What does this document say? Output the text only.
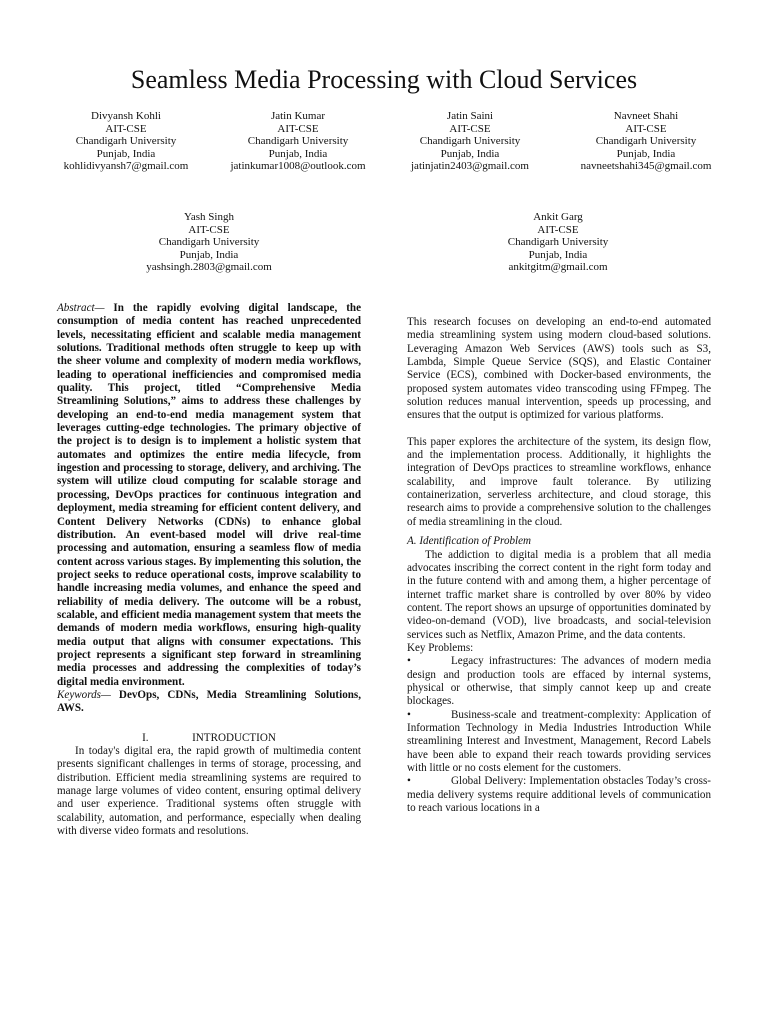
Seamless Media Processing with Cloud Services
Divyansh Kohli
AIT-CSE
Chandigarh University
Punjab, India
kohlidivyansh7@gmail.com
Jatin Kumar
AIT-CSE
Chandigarh University
Punjab, India
jatinkumar1008@outlook.com
Jatin Saini
AIT-CSE
Chandigarh University
Punjab, India
jatinjatin2403@gmail.com
Navneet Shahi
AIT-CSE
Chandigarh University
Punjab, India
navneetshahi345@gmail.com
Yash Singh
AIT-CSE
Chandigarh University
Punjab, India
yashsingh.2803@gmail.com
Ankit Garg
AIT-CSE
Chandigarh University
Punjab, India
ankitgitm@gmail.com

Abstract— In the rapidly evolving digital landscape, the consumption of media content has reached unprecedented levels, necessitating efficient and scalable media management solutions. Traditional methods often struggle to keep up with the sheer volume and complexity of modern media workflows, leading to operational inefficiencies and compromised media quality. This project, titled “Comprehensive Media Streamlining Solutions,” aims to address these challenges by developing an end-to-end media management system that leverages cutting-edge technologies. The primary objective of the project is to design is to implement a holistic system that automates and optimizes the entire media lifecycle, from ingestion and processing to storage, delivery, and archiving. The system will utilize cloud computing for scalable storage and processing, DevOps practices for continuous integration and deployment, media streaming for efficient content delivery, and Content Delivery Networks (CDNs) to enhance global distribution. An event-based model will drive real-time processing and automation, ensuring a seamless flow of media content across various stages. By implementing this solution, the project seeks to reduce operational costs, improve scalability to handle increasing media volumes, and enhance the speed and reliability of media delivery. The outcome will be a robust, scalable, and efficient media management system that meets the demands of modern media workflows, ensuring high-quality media output that aligns with consumer expectations. This project represents a significant step forward in streamlining media processes and addressing the complexities of today’s digital media environment.

Keywords— DevOps, CDNs, Media Streamlining Solutions, AWS.

I.	INTRODUCTION

In today's digital era, the rapid growth of multimedia content presents significant challenges in terms of storage, processing, and distribution. Efficient media streamlining systems are required to manage large volumes of video content, ensuring optimal delivery and user experience. Traditional systems often struggle with scalability, automation, and performance, especially when dealing with diverse video formats and resolutions.

This research focuses on developing an end-to-end automated media streamlining system using modern cloud-based solutions. Leveraging Amazon Web Services (AWS) tools such as S3, Lambda, Simple Queue Service (SQS), and Elastic Container Service (ECS), combined with Docker-based environments, the proposed system automates video transcoding using FFmpeg. The solution reduces manual intervention, speeds up processing, and ensures that the output is optimized for various platforms.

This paper explores the architecture of the system, its design flow, and the implementation process. Additionally, it highlights the integration of DevOps practices to streamline workflows, enhance scalability, and improve fault tolerance. By utilizing containerization, serverless architecture, and cloud storage, this research aims to provide a comprehensive solution to the challenges of media streamlining in the cloud.

A. Identification of Problem

The addiction to digital media is a problem that all media advocates inscribing the correct content in the right form today and in the future contend with and among them, a higher percentage of internet traffic market share is controlled by over 80% by video content. The report shows an upsurge of opportunities dominated by video-on-demand (VOD), live broadcasts, and social-television services such as Netflix, Amazon Prime, and the data contents.

Key Problems:

•	Legacy infrastructures: The advances of modern media design and production tools are effaced by internal systems, physical or otherwise, that simply cannot keep up and create blockages.

•	Business-scale and treatment-complexity: Application of Information Technology in Media Industries Introduction While streamlining Interest and Investment, Management, Record Labels have been able to expand their reach towards providing services with little or no costs element for the customers.

•	Global Delivery: Implementation obstacles Today’s cross-media delivery systems require additional levels of communication to reach various locations in a
